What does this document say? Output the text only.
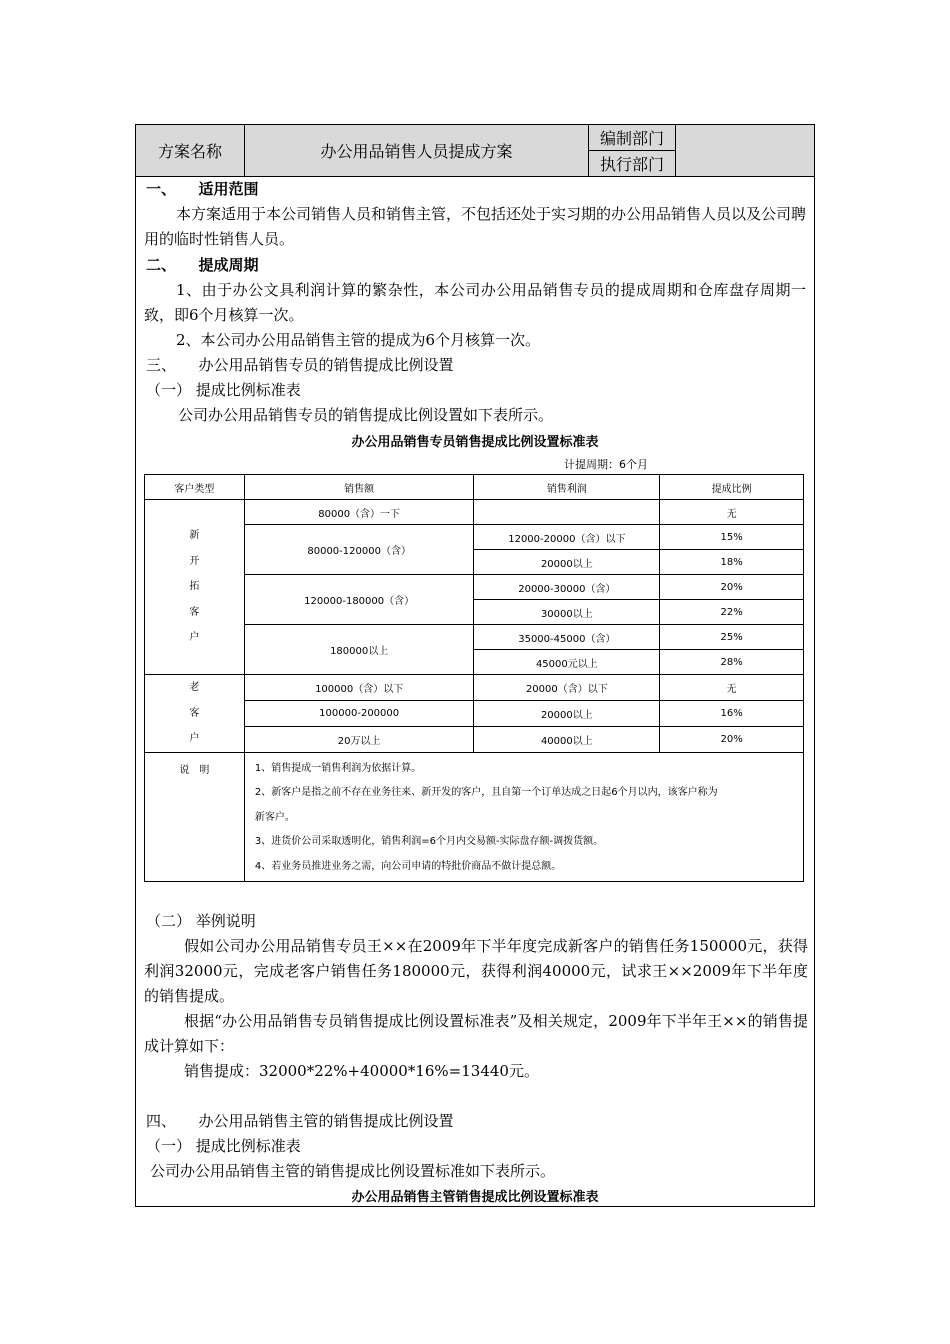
方案名称	办公用品销售人员提成方案
编制部门
执行部门
一、　　适用范围
本方案适用于本公司销售人员和销售主管，不包括还处于实习期的办公用品销售人员以及公司聘用的临时性销售人员。
二、　　提成周期
1、由于办公文具利润计算的繁杂性，本公司办公用品销售专员的提成周期和仓库盘存周期一致，即6个月核算一次。
2、本公司办公用品销售主管的提成为6个月核算一次。
三、　　办公用品销售专员的销售提成比例设置
（一） 提成比例标准表
公司办公用品销售专员的销售提成比例设置如下表所示。
办公用品销售专员销售提成比例设置标准表
计提周期：6个月
客户类型	销售额	销售利润	提成比例

新
开
拓
客
户	80000（含）一下		无
	80000-120000（含）	12000-20000（含）以下	15%
		20000以上	18%
	120000-180000（含）	20000-30000（含）	20%
		30000以上	22%
	180000以上	35000-45000（含）	25%
		45000元以上	28%

老
客
户	100000（含）以下	20000（含）以下	无
	100000-200000	20000以上	16%
	20万以上	40000以上	20%
说　明	1、销售提成一销售利润为依据计算。
2、新客户是指之前不存在业务往来、新开发的客户，且自第一个订单达成之日起6个月以内，该客户称为
新客户。
3、进货价公司采取透明化，销售利润=6个月内交易额-实际盘存额-调拨货额。
4、若业务员推进业务之需，向公司申请的特批价商品不做计提总额。		
（二） 举例说明
假如公司办公用品销售专员王××在2009年下半年度完成新客户的销售任务150000元，获得利润32000元，完成老客户销售任务180000元，获得利润40000元，试求王××2009年下半年度的销售提成。
根据“办公用品销售专员销售提成比例设置标准表”及相关规定，2009年下半年王××的销售提成计算如下：
销售提成：32000*22%+40000*16%=13440元。
四、　　办公用品销售主管的销售提成比例设置
（一） 提成比例标准表
公司办公用品销售主管的销售提成比例设置标准如下表所示。
办公用品销售主管销售提成比例设置标准表
